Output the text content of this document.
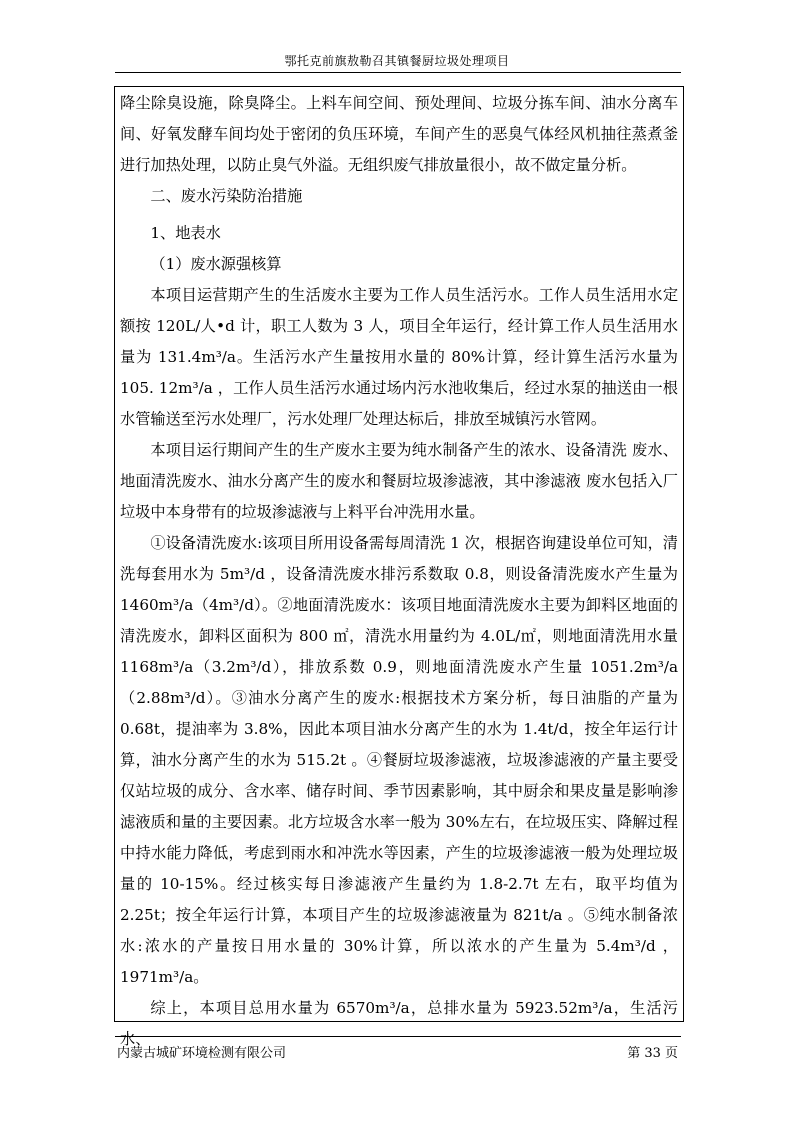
鄂托克前旗敖勒召其镇餐厨垃圾处理项目

降尘除臭设施，除臭降尘。上料车间空间、预处理间、垃圾分拣车间、油水分离车间、好氧发酵车间均处于密闭的负压环境，车间产生的恶臭气体经风机抽往蒸煮釜进行加热处理，以防止臭气外溢。无组织废气排放量很小，故不做定量分析。

二、废水污染防治措施

1、地表水

（1）废水源强核算

本项目运营期产生的生活废水主要为工作人员生活污水。工作人员生活用水定额按 120L/人•d 计，职工人数为 3 人，项目全年运行，经计算工作人员生活用水量为 131.4m³/a。生活污水产生量按用水量的 80%计算，经计算生活污水量为 105. 12m³/a ，工作人员生活污水通过场内污水池收集后，经过水泵的抽送由一根水管输送至污水处理厂，污水处理厂处理达标后，排放至城镇污水管网。

本项目运行期间产生的生产废水主要为纯水制备产生的浓水、设备清洗 废水、地面清洗废水、油水分离产生的废水和餐厨垃圾渗滤液，其中渗滤液 废水包括入厂垃圾中本身带有的垃圾渗滤液与上料平台冲洗用水量。

①设备清洗废水:该项目所用设备需每周清洗 1 次，根据咨询建设单位可知，清洗每套用水为 5m³/d ，设备清洗废水排污系数取 0.8，则设备清洗废水产生量为 1460m³/a（4m³/d）。②地面清洗废水：该项目地面清洗废水主要为卸料区地面的清洗废水，卸料区面积为 800 ㎡，清洗水用量约为 4.0L/㎡，则地面清洗用水量 1168m³/a（3.2m³/d），排放系数 0.9，则地面清洗废水产生量 1051.2m³/a（2.88m³/d）。③油水分离产生的废水:根据技术方案分析，每日油脂的产量为 0.68t，提油率为 3.8%，因此本项目油水分离产生的水为 1.4t/d，按全年运行计算，油水分离产生的水为 515.2t 。④餐厨垃圾渗滤液，垃圾渗滤液的产量主要受仅站垃圾的成分、含水率、储存时间、季节因素影响，其中厨余和果皮量是影响渗滤液质和量的主要因素。北方垃圾含水率一般为 30%左右，在垃圾压实、降解过程中持水能力降低，考虑到雨水和冲洗水等因素，产生的垃圾渗滤液一般为处理垃圾量的 10-15%。经过核实每日渗滤液产生量约为 1.8-2.7t 左右，取平均值为 2.25t；按全年运行计算，本项目产生的垃圾渗滤液量为 821t/a 。⑤纯水制备浓水:浓水的产量按日用水量的 30%计算，所以浓水的产生量为 5.4m³/d ，1971m³/a。

综上，本项目总用水量为 6570m³/a，总排水量为 5923.52m³/a，生活污水、

内蒙古城矿环境检测有限公司	第 33 页
